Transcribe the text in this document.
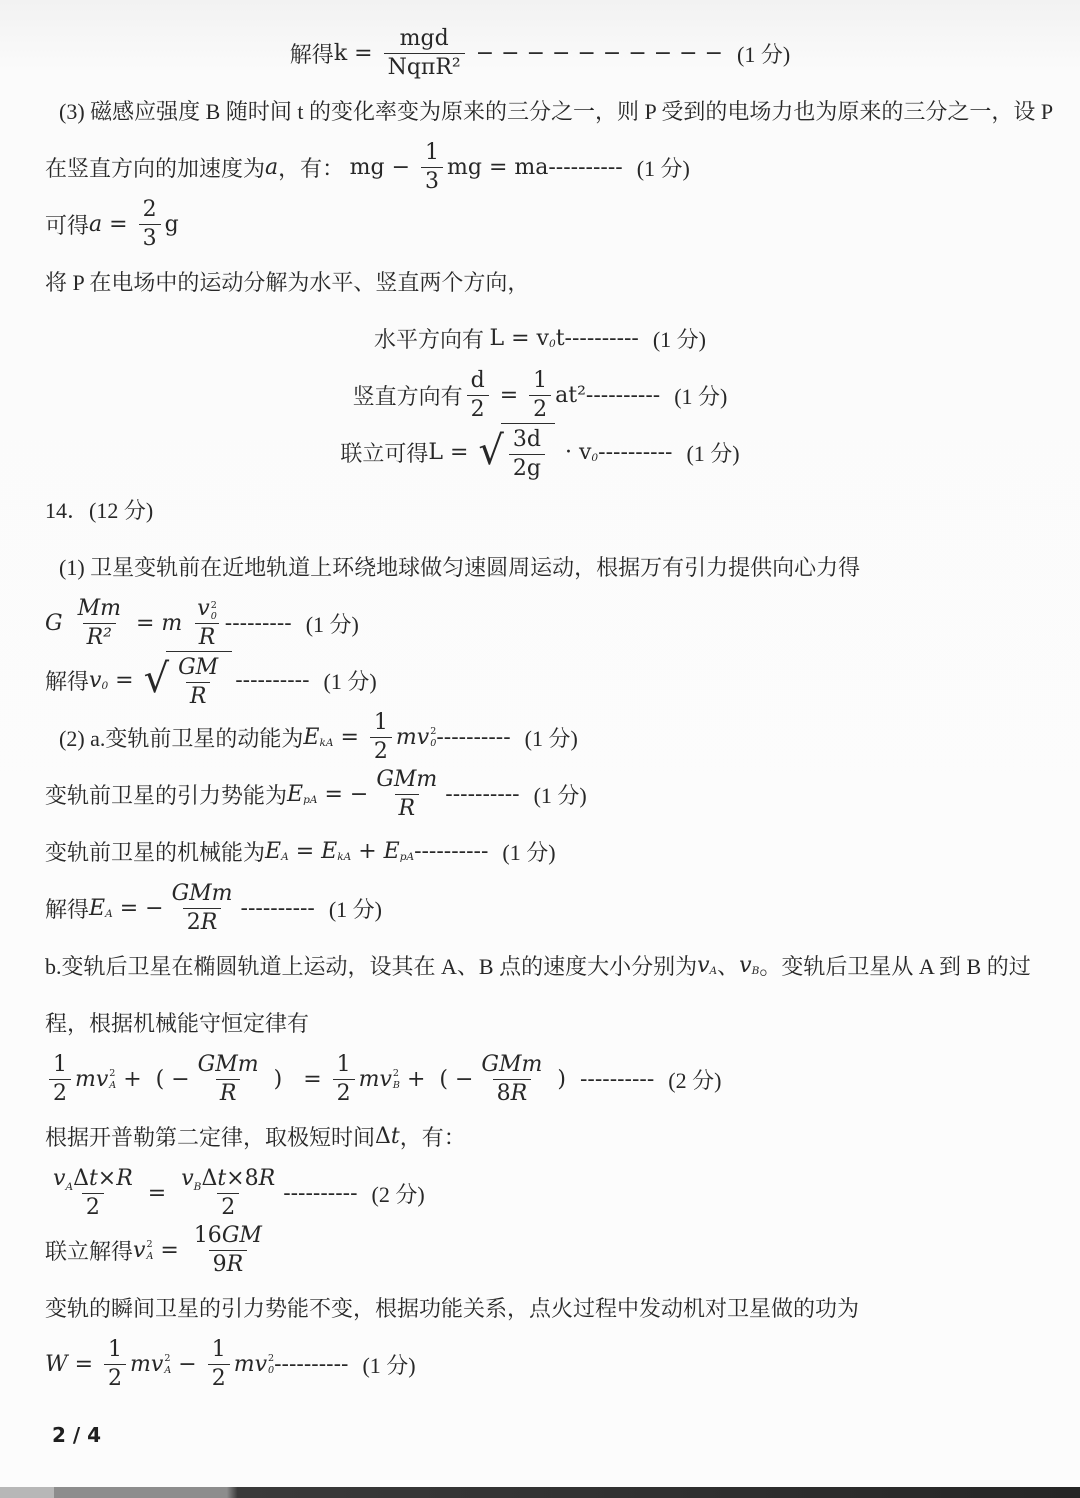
解得 $k = \frac{\text{mgd}}{\text{NqπR²}}$ − − − − − − − − − − (1 分)
(3) 磁感应强度 B 随时间 t 的变化率变为原来的三分之一，则 P 受到的电场力也为原来的三分之一，设 P
在竖直方向的加速度为 a ，有： mg − $\frac{1}{3}$ mg = ma---------- (1 分)
可得 $a = \frac{2}{3}$ g
将 P 在电场中的运动分解为水平、竖直两个方向，
水平方向有 L = v 0 t---------- (1 分)
竖直方向有 $\frac{d}{2} = \frac{1}{2} at^2----------$ (1 分)
联立可得 L = √ $\frac{3d}{2g} \cdot v$ 0 ---------- (1 分)
14．(12 分)
(1) 卫星变轨前在近地轨道上环绕地球做匀速圆周运动，根据万有引力提供向心力得
G $\frac{Mm}{\text{R²}} = m$ v 2
0
R --------- (1 分)
解得 v 0 = √ $\frac{GM}{R}$ ---------- (1 分)
(2) a.变轨前卫星的动能为 E kA = $\frac{1}{2}$ mv 2
0 ---------- (1 分)
变轨前卫星的引力势能为 E pA = − $\frac{\text{GMm}}{R}$ ---------- (1 分)
变轨前卫星的机械能为 E A = E kA + E pA ---------- (1 分)
解得 E A = − $\frac{\text{GMm}}{2R}$ ---------- (1 分)
b.变轨后卫星在椭圆轨道上运动，设其在 A、B 点的速度大小分别为 v A 、 v B 。变轨后卫星从 A 到 B 的过
程，根据机械能守恒定律有
$\frac{1}{2}$ mv 2
A +  ( − $\frac{\text{GMm}}{R}$ )   = $\frac{1}{2}$ mv 2
B +  ( − $\frac{\text{GMm}}{8R}$ )  ---------- (2 分)
根据开普勒第二定律，取极短时间 Δ t ，有：
$\frac{\text{vAΔt×R}}{2} = \frac{\text{vBΔt×8R}}{2}$ ---------- (2 分)
联立解得 v 2
$A = \frac{16GM}{9R}$
变轨的瞬间卫星的引力势能不变，根据功能关系，点火过程中发动机对卫星做的功为
$W = \frac{1}{2}$ mv 2
$A - \frac{1}{2}$ mv 2
0 ---------- (1 分)
2 / 4
